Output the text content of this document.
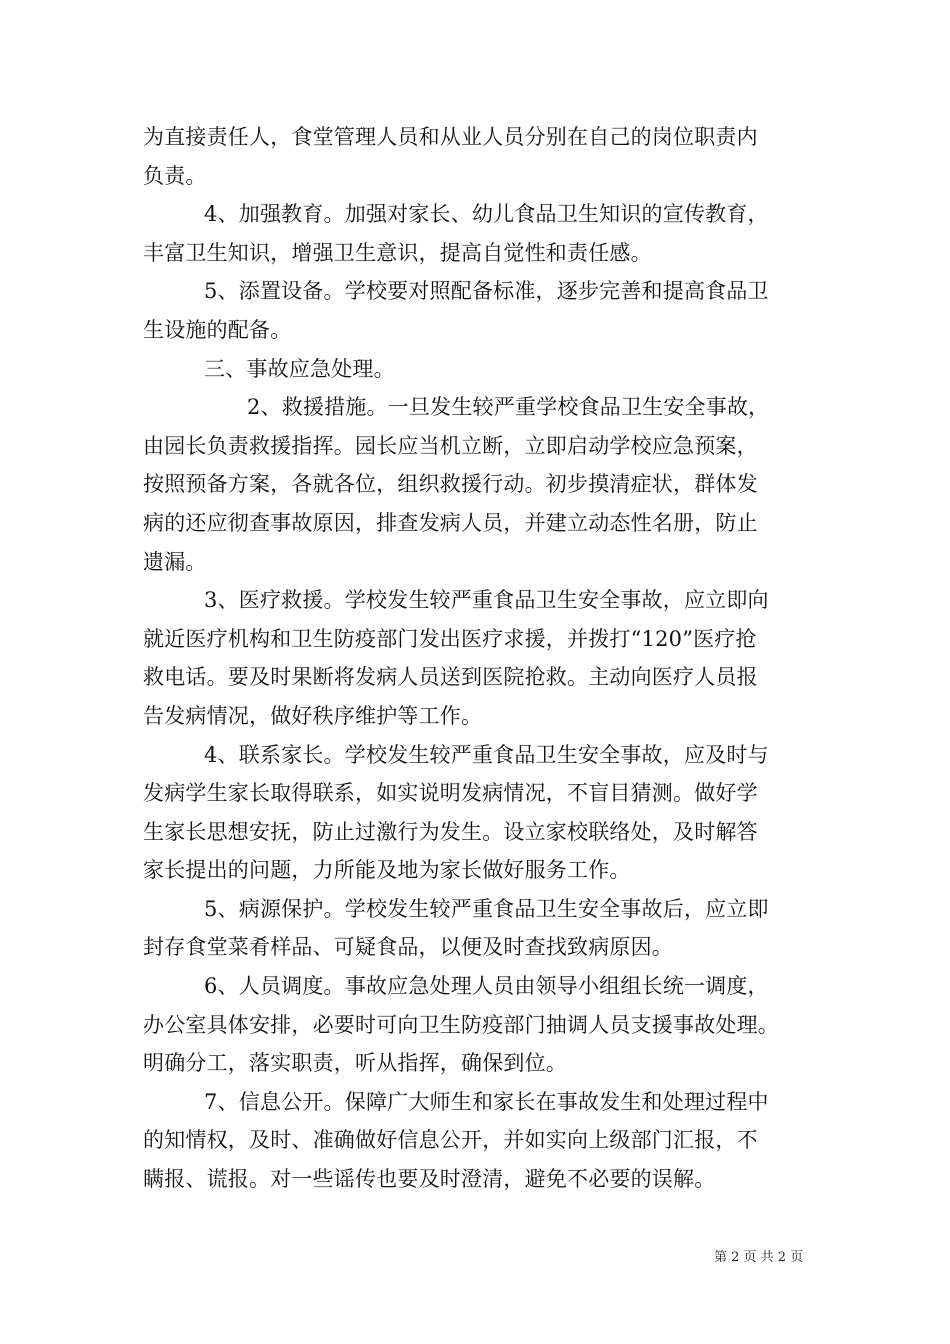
为直接责任人，食堂管理人员和从业人员分别在自己的岗位职责内
负责。
4、加强教育。加强对家长、幼儿食品卫生知识的宣传教育，
丰富卫生知识，增强卫生意识，提高自觉性和责任感。
5、添置设备。学校要对照配备标准，逐步完善和提高食品卫
生设施的配备。
三、事故应急处理。
2、救援措施。一旦发生较严重学校食品卫生安全事故，
由园长负责救援指挥。园长应当机立断，立即启动学校应急预案，
按照预备方案，各就各位，组织救援行动。初步摸清症状，群体发
病的还应彻查事故原因，排查发病人员，并建立动态性名册，防止
遗漏。
3、医疗救援。学校发生较严重食品卫生安全事故，应立即向
就近医疗机构和卫生防疫部门发出医疗求援，并拨打“120”医疗抢
救电话。要及时果断将发病人员送到医院抢救。主动向医疗人员报
告发病情况，做好秩序维护等工作。
4、联系家长。学校发生较严重食品卫生安全事故，应及时与
发病学生家长取得联系，如实说明发病情况，不盲目猜测。做好学
生家长思想安抚，防止过激行为发生。设立家校联络处，及时解答
家长提出的问题，力所能及地为家长做好服务工作。
5、病源保护。学校发生较严重食品卫生安全事故后，应立即
封存食堂菜肴样品、可疑食品，以便及时查找致病原因。
6、人员调度。事故应急处理人员由领导小组组长统一调度，
办公室具体安排，必要时可向卫生防疫部门抽调人员支援事故处理。
明确分工，落实职责，听从指挥，确保到位。
7、信息公开。保障广大师生和家长在事故发生和处理过程中
的知情权，及时、准确做好信息公开，并如实向上级部门汇报，不
瞒报、谎报。对一些谣传也要及时澄清，避免不必要的误解。
第 2 页 共 2 页
